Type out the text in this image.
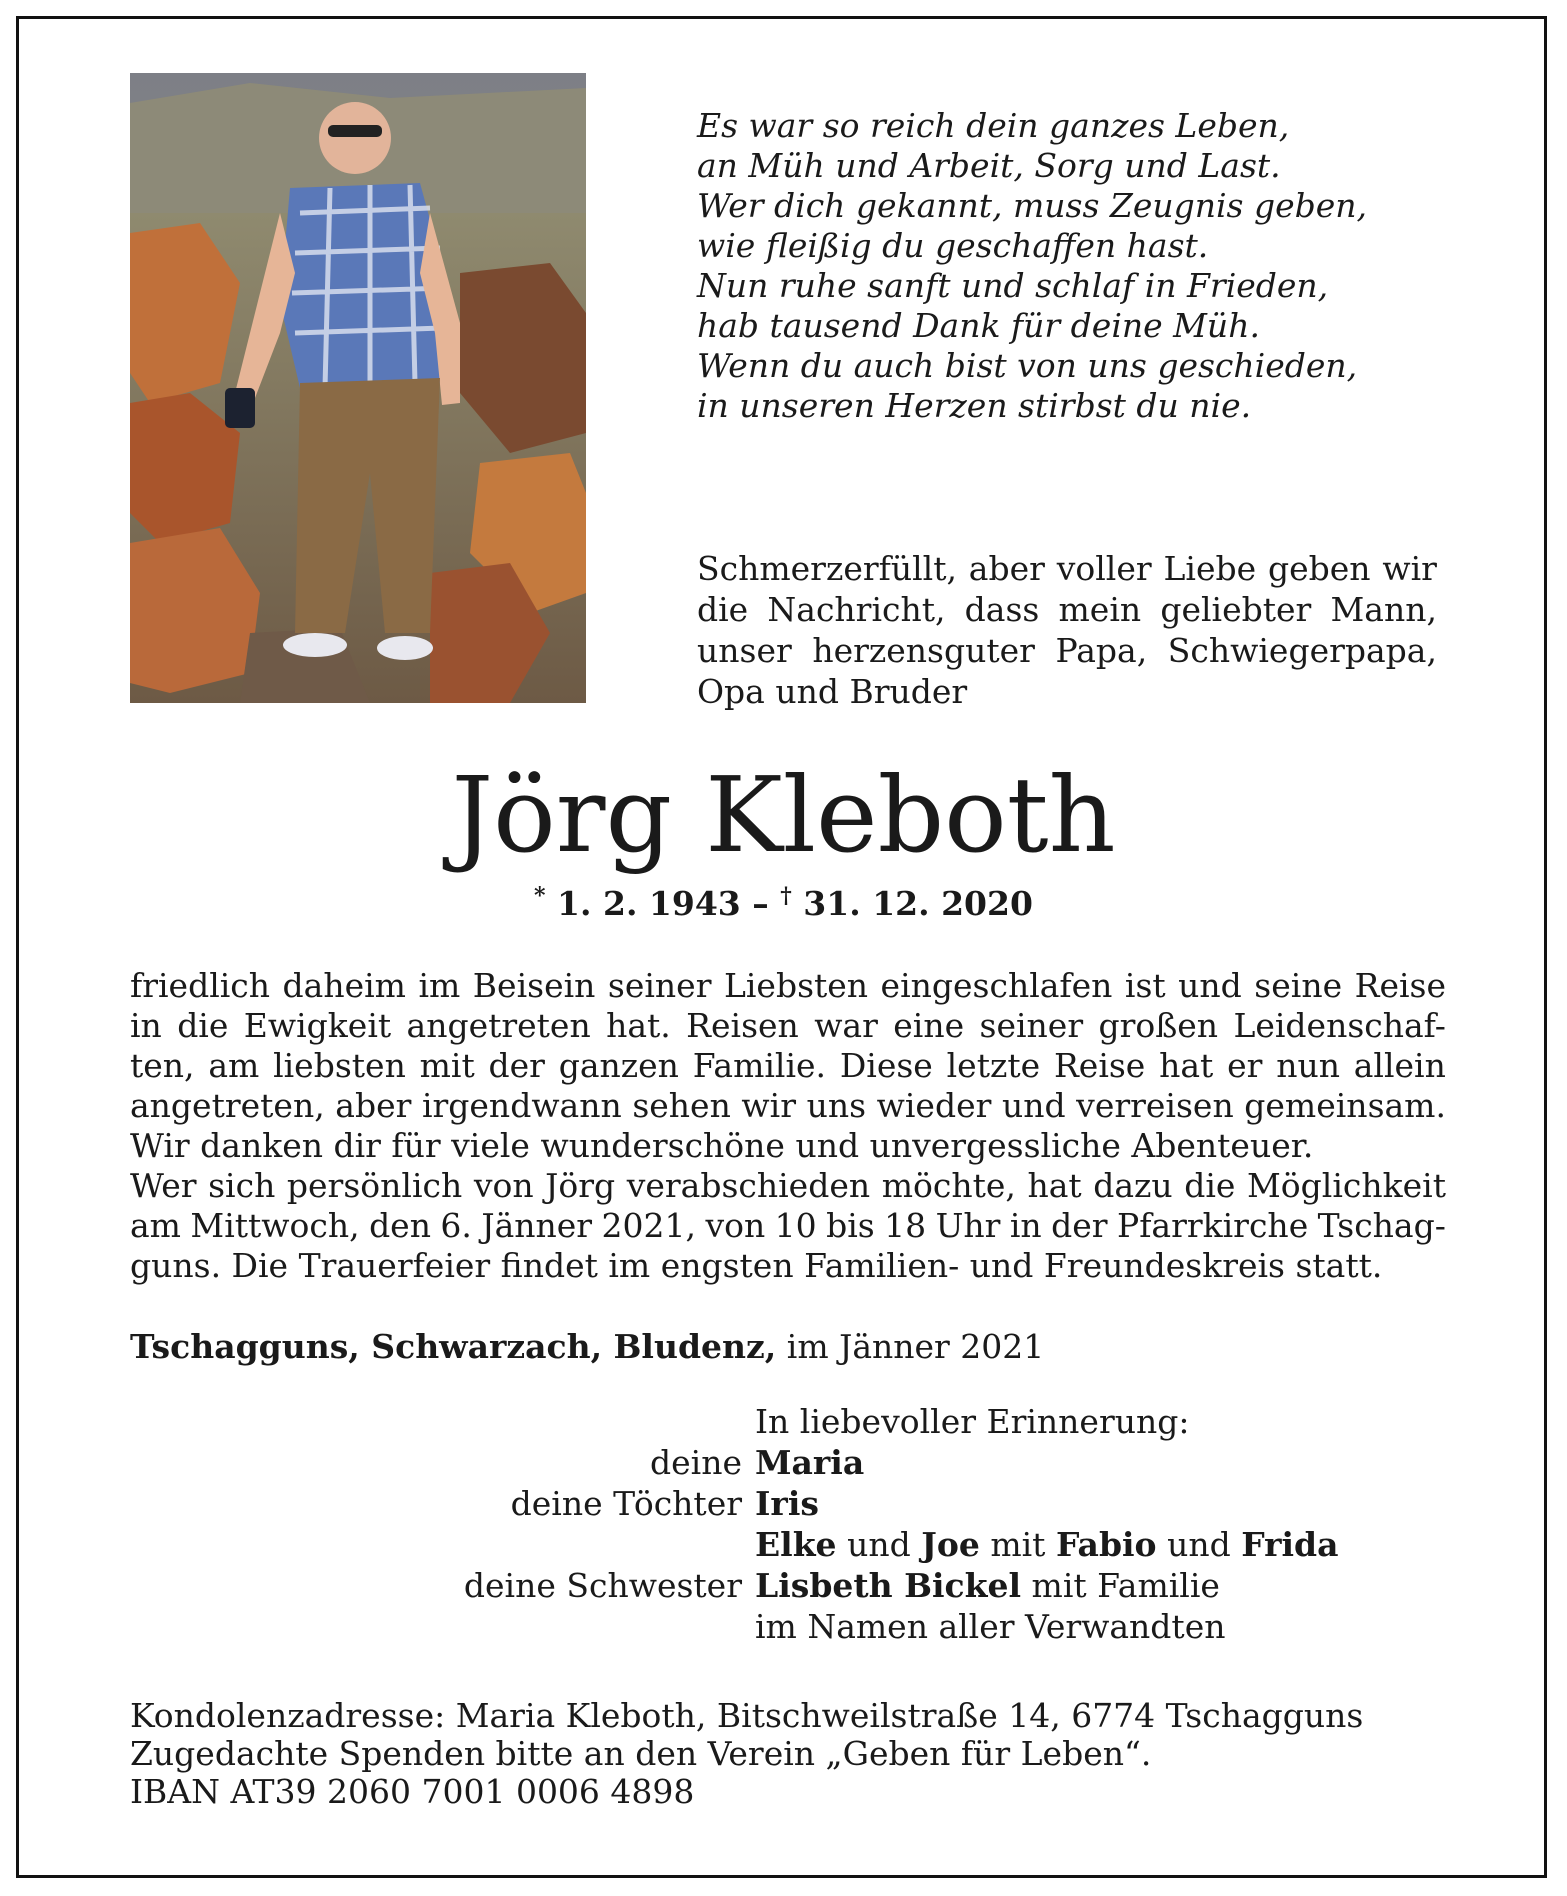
Es war so reich dein ganzes Leben,
an Müh und Arbeit, Sorg und Last.
Wer dich gekannt, muss Zeugnis geben,
wie fleißig du geschaffen hast.
Nun ruhe sanft und schlaf in Frieden,
hab tausend Dank für deine Müh.
Wenn du auch bist von uns geschieden,
in unseren Herzen stirbst du nie.
Schmerzerfüllt, aber voller Liebe geben wir
die Nachricht, dass mein geliebter Mann,
unser herzensguter Papa, Schwiegerpapa,
Opa und Bruder
Jörg Kleboth
* 1. 2. 1943 – † 31. 12. 2020
friedlich daheim im Beisein seiner Liebsten eingeschlafen ist und seine Reise
in die Ewigkeit angetreten hat. Reisen war eine seiner großen Leidenschaf-
ten, am liebsten mit der ganzen Familie. Diese letzte Reise hat er nun allein
angetreten, aber irgendwann sehen wir uns wieder und verreisen gemeinsam.
Wir danken dir für viele wunderschöne und unvergessliche Abenteuer.
Wer sich persönlich von Jörg verabschieden möchte, hat dazu die Möglichkeit
am Mittwoch, den 6. Jänner 2021, von 10 bis 18 Uhr in der Pfarrkirche Tschag-
guns. Die Trauerfeier findet im engsten Familien- und Freundeskreis statt.
Tschagguns, Schwarzach, Bludenz, im Jänner 2021
In liebevoller Erinnerung:
deine Maria
deine Töchter Iris
Elke und Joe mit Fabio und Frida
deine Schwester Lisbeth Bickel mit Familie
im Namen aller Verwandten
Kondolenzadresse: Maria Kleboth, Bitschweilstraße 14, 6774 Tschagguns
Zugedachte Spenden bitte an den Verein „Geben für Leben“.
IBAN AT39 2060 7001 0006 4898
